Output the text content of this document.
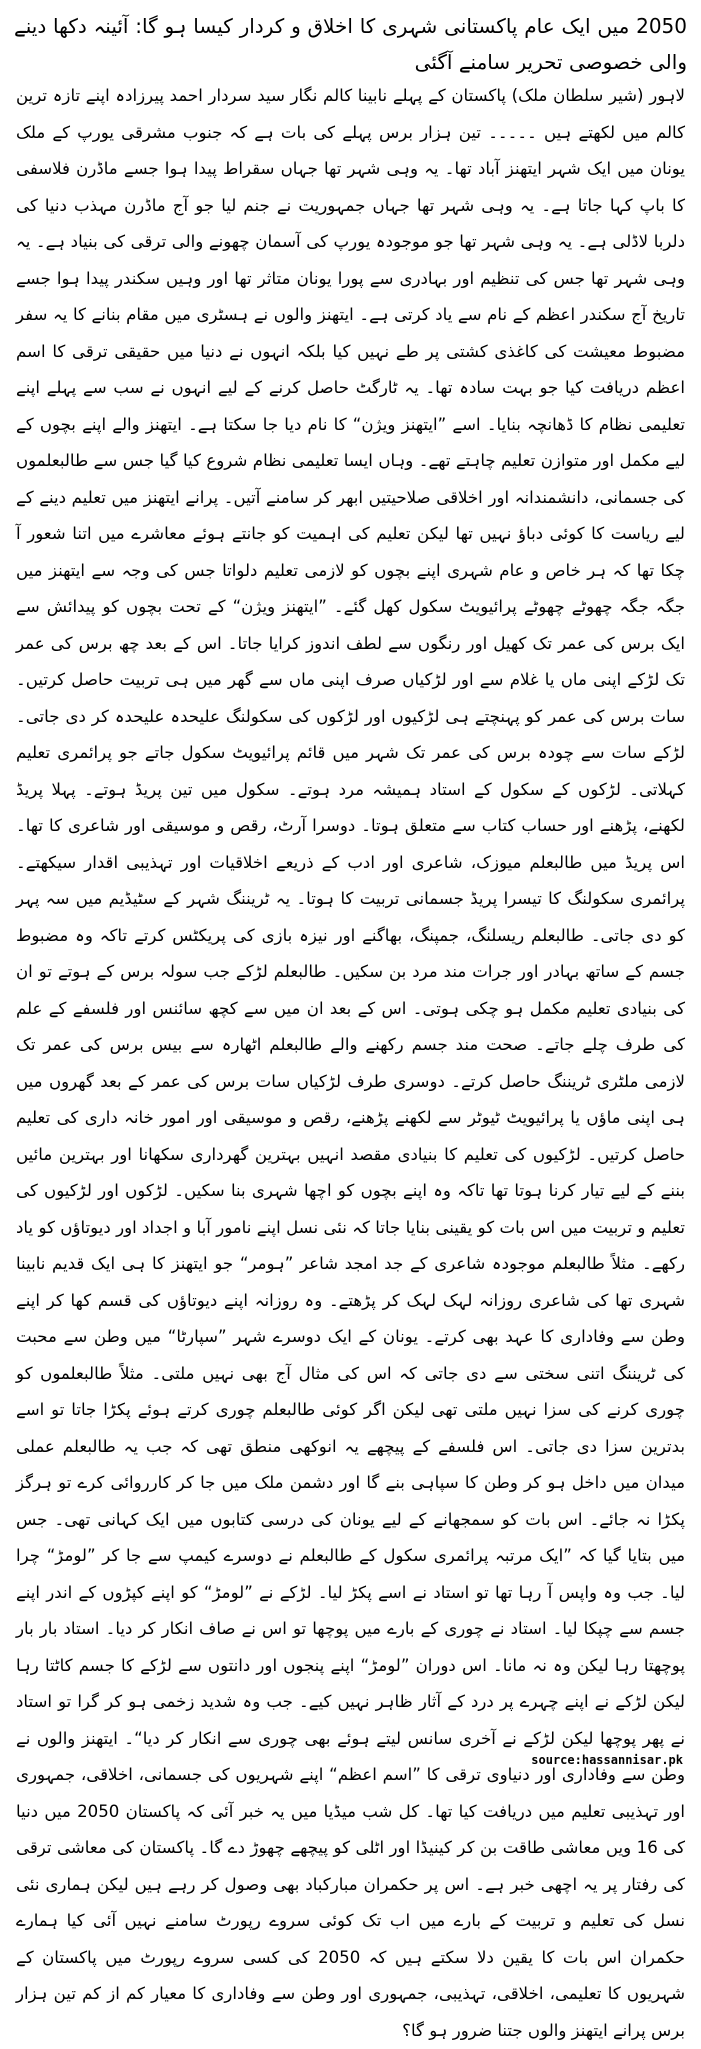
2050 میں ایک عام پاکستانی شہری کا اخلاق و کردار کیسا ہو گا: آئینہ دکھا دینے والی خصوصی تحریر سامنے آگئی

لاہور (شیر سلطان ملک) پاکستان کے پہلے نابینا کالم نگار سید سردار احمد پیرزادہ اپنے تازہ ترین کالم میں لکھتے ہیں ۔۔۔۔۔ تین ہزار برس پہلے کی بات ہے کہ جنوب مشرقی یورپ کے ملک یونان میں ایک شہر ایتھنز آباد تھا۔ یہ وہی شہر تھا جہاں سقراط پیدا ہوا جسے ماڈرن فلاسفی کا باپ کہا جاتا ہے۔ یہ وہی شہر تھا جہاں جمہوریت نے جنم لیا جو آج ماڈرن مہذب دنیا کی دلربا لاڈلی ہے۔ یہ وہی شہر تھا جو موجودہ یورپ کی آسمان چھونے والی ترقی کی بنیاد ہے۔ یہ وہی شہر تھا جس کی تنظیم اور بہادری سے پورا یونان متاثر تھا اور وہیں سکندر پیدا ہوا جسے تاریخ آج سکندر اعظم کے نام سے یاد کرتی ہے۔ ایتھنز والوں نے ہسٹری میں مقام بنانے کا یہ سفر مضبوط معیشت کی کاغذی کشتی پر طے نہیں کیا بلکہ انہوں نے دنیا میں حقیقی ترقی کا اسم اعظم دریافت کیا جو بہت سادہ تھا۔ یہ ٹارگٹ حاصل کرنے کے لیے انہوں نے سب سے پہلے اپنے تعلیمی نظام کا ڈھانچہ بنایا۔ اسے ”ایتھنز ویژن“ کا نام دیا جا سکتا ہے۔ ایتھنز والے اپنے بچوں کے لیے مکمل اور متوازن تعلیم چاہتے تھے۔ وہاں ایسا تعلیمی نظام شروع کیا گیا جس سے طالبعلموں کی جسمانی، دانشمندانہ اور اخلاقی صلاحیتیں ابھر کر سامنے آتیں۔ پرانے ایتھنز میں تعلیم دینے کے لیے ریاست کا کوئی دباؤ نہیں تھا لیکن تعلیم کی اہمیت کو جانتے ہوئے معاشرے میں اتنا شعور آ چکا تھا کہ ہر خاص و عام شہری اپنے بچوں کو لازمی تعلیم دلواتا جس کی وجہ سے ایتھنز میں جگہ جگہ چھوٹے چھوٹے پرائیویٹ سکول کھل گئے۔ ”ایتھنز ویژن“ کے تحت بچوں کو پیدائش سے ایک برس کی عمر تک کھیل اور رنگوں سے لطف اندوز کرایا جاتا۔ اس کے بعد چھ برس کی عمر تک لڑکے اپنی ماں یا غلام سے اور لڑکیاں صرف اپنی ماں سے گھر میں ہی تربیت حاصل کرتیں۔ سات برس کی عمر کو پہنچتے ہی لڑکیوں اور لڑکوں کی سکولنگ علیحدہ علیحدہ کر دی جاتی۔ لڑکے سات سے چودہ برس کی عمر تک شہر میں قائم پرائیویٹ سکول جاتے جو پرائمری تعلیم کہلاتی۔ لڑکوں کے سکول کے استاد ہمیشہ مرد ہوتے۔ سکول میں تین پریڈ ہوتے۔ پہلا پریڈ لکھنے، پڑھنے اور حساب کتاب سے متعلق ہوتا۔ دوسرا آرٹ، رقص و موسیقی اور شاعری کا تھا۔ اس پریڈ میں طالبعلم میوزک، شاعری اور ادب کے ذریعے اخلاقیات اور تہذیبی اقدار سیکھتے۔ پرائمری سکولنگ کا تیسرا پریڈ جسمانی تربیت کا ہوتا۔ یہ ٹریننگ شہر کے سٹیڈیم میں سہ پہر کو دی جاتی۔ طالبعلم ریسلنگ، جمپنگ، بھاگنے اور نیزہ بازی کی پریکٹس کرتے تاکہ وہ مضبوط جسم کے ساتھ بہادر اور جرات مند مرد بن سکیں۔ طالبعلم لڑکے جب سولہ برس کے ہوتے تو ان کی بنیادی تعلیم مکمل ہو چکی ہوتی۔ اس کے بعد ان میں سے کچھ سائنس اور فلسفے کے علم کی طرف چلے جاتے۔ صحت مند جسم رکھنے والے طالبعلم اٹھارہ سے بیس برس کی عمر تک لازمی ملٹری ٹریننگ حاصل کرتے۔ دوسری طرف لڑکیاں سات برس کی عمر کے بعد گھروں میں ہی اپنی ماؤں یا پرائیویٹ ٹیوٹر سے لکھنے پڑھنے، رقص و موسیقی اور امور خانہ داری کی تعلیم حاصل کرتیں۔ لڑکیوں کی تعلیم کا بنیادی مقصد انہیں بہترین گھرداری سکھانا اور بہترین مائیں بننے کے لیے تیار کرنا ہوتا تھا تاکہ وہ اپنے بچوں کو اچھا شہری بنا سکیں۔ لڑکوں اور لڑکیوں کی تعلیم و تربیت میں اس بات کو یقینی بنایا جاتا کہ نئی نسل اپنے نامور آبا و اجداد اور دیوتاؤں کو یاد رکھے۔ مثلاً طالبعلم موجودہ شاعری کے جد امجد شاعر ”ہومر“ جو ایتھنز کا ہی ایک قدیم نابینا شہری تھا کی شاعری روزانہ لہک لہک کر پڑھتے۔ وہ روزانہ اپنے دیوتاؤں کی قسم کھا کر اپنے وطن سے وفاداری کا عہد بھی کرتے۔ یونان کے ایک دوسرے شہر ”سپارٹا“ میں وطن سے محبت کی ٹریننگ اتنی سختی سے دی جاتی کہ اس کی مثال آج بھی نہیں ملتی۔ مثلاً طالبعلموں کو چوری کرنے کی سزا نہیں ملتی تھی لیکن اگر کوئی طالبعلم چوری کرتے ہوئے پکڑا جاتا تو اسے بدترین سزا دی جاتی۔ اس فلسفے کے پیچھے یہ انوکھی منطق تھی کہ جب یہ طالبعلم عملی میدان میں داخل ہو کر وطن کا سپاہی بنے گا اور دشمن ملک میں جا کر کارروائی کرے تو ہرگز پکڑا نہ جائے۔ اس بات کو سمجھانے کے لیے یونان کی درسی کتابوں میں ایک کہانی تھی۔ جس میں بتایا گیا کہ ”ایک مرتبہ پرائمری سکول کے طالبعلم نے دوسرے کیمپ سے جا کر ”لومڑ“ چرا لیا۔ جب وہ واپس آ رہا تھا تو استاد نے اسے پکڑ لیا۔ لڑکے نے ”لومڑ“ کو اپنے کپڑوں کے اندر اپنے جسم سے چپکا لیا۔ استاد نے چوری کے بارے میں پوچھا تو اس نے صاف انکار کر دیا۔ استاد بار بار پوچھتا رہا لیکن وہ نہ مانا۔ اس دوران ”لومڑ“ اپنے پنجوں اور دانتوں سے لڑکے کا جسم کاٹتا رہا لیکن لڑکے نے اپنے چہرے پر درد کے آثار ظاہر نہیں کیے۔ جب وہ شدید زخمی ہو کر گرا تو استاد نے پھر پوچھا لیکن لڑکے نے آخری سانس لیتے ہوئے بھی چوری سے انکار کر دیا“۔ ایتھنز والوں نے وطن سے وفاداری اور دنیاوی ترقی کا ”اسم اعظم“ اپنے شہریوں کی جسمانی، اخلاقی، جمہوری اور تہذیبی تعلیم میں دریافت کیا تھا۔ کل شب میڈیا میں یہ خبر آئی کہ پاکستان 2050 میں دنیا کی 16 ویں معاشی طاقت بن کر کینیڈا اور اٹلی کو پیچھے چھوڑ دے گا۔ پاکستان کی معاشی ترقی کی رفتار پر یہ اچھی خبر ہے۔ اس پر حکمران مبارکباد بھی وصول کر رہے ہیں لیکن ہماری نئی نسل کی تعلیم و تربیت کے بارے میں اب تک کوئی سروے رپورٹ سامنے نہیں آئی کیا ہمارے حکمران اس بات کا یقین دلا سکتے ہیں کہ 2050 کی کسی سروے رپورٹ میں پاکستان کے شہریوں کا تعلیمی، اخلاقی، تہذیبی، جمہوری اور وطن سے وفاداری کا معیار کم از کم تین ہزار برس پرانے ایتھنز والوں جتنا ضرور ہو گا؟

source:hassannisar.pk
